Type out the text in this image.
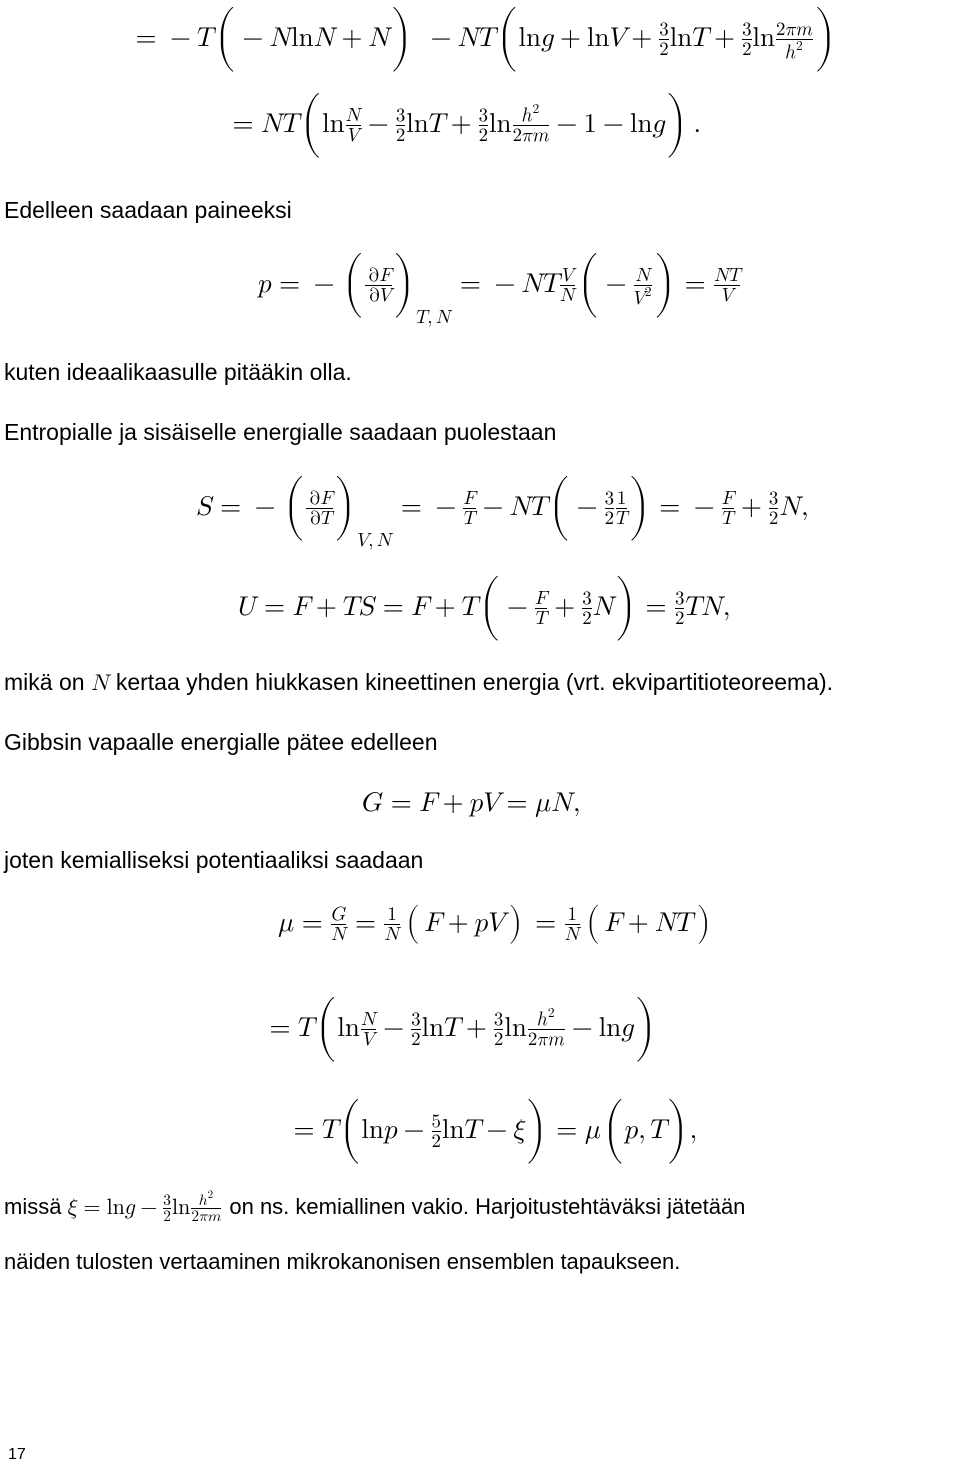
= − T
(
− N ln N + N
)
− N T
(
ln g + ln V + 3
2 ln T + 3
2 ln 2 π m
ℎ 2
)
= N T
(
ln N
𝑉 − 3
2 ln T + 3
2 ln h 2
2 π m − 1 − ln g
)
.
Edelleen saadaan paineeksi
𝑝 = −
( ∂ F
∂ V
)
𝑇 , N
= − N T V
𝑁
(
− N
𝑉 2
)
= N T
𝑉
kuten ideaalikaasulle pitääkin olla.
Entropialle ja sisäiselle energialle saadaan puolestaan
𝑆 = −
( ∂ F
∂ T
)
𝑉 , N
= − F
𝑇 − N T
(
− 3
2
1
𝑇
)
= − F
𝑇 + 3
2 N ,
𝑈 = F + T S = F + T
(
− F
𝑇 + 3
2 N
)
= 3
2 T N ,
mikä on N kertaa yhden hiukkasen kineettinen energia (vrt. ekvipartitioteoreema).
Gibbsin vapaalle energialle pätee edelleen
𝐺 = F + p V = μ N ,
joten kemialliseksi potentiaaliksi saadaan
𝜇 = G
𝑁 = 1
𝑁
( F + p V ) = 1
𝑁
( F + N T )
= T
(
ln N
𝑉 − 3
2 ln T + 3
2 ln h 2
2 π m − ln g
)
= T
(
ln p − 5
2 ln T − ξ
)
= μ
(
𝑝 , T
)
,
missä ξ = ln g − 3
2 ln h 2
2 π m on ns. kemiallinen vakio. Harjoitustehtäväksi jätetään
näiden tulosten vertaaminen mikrokanonisen ensemblen tapaukseen.
17
